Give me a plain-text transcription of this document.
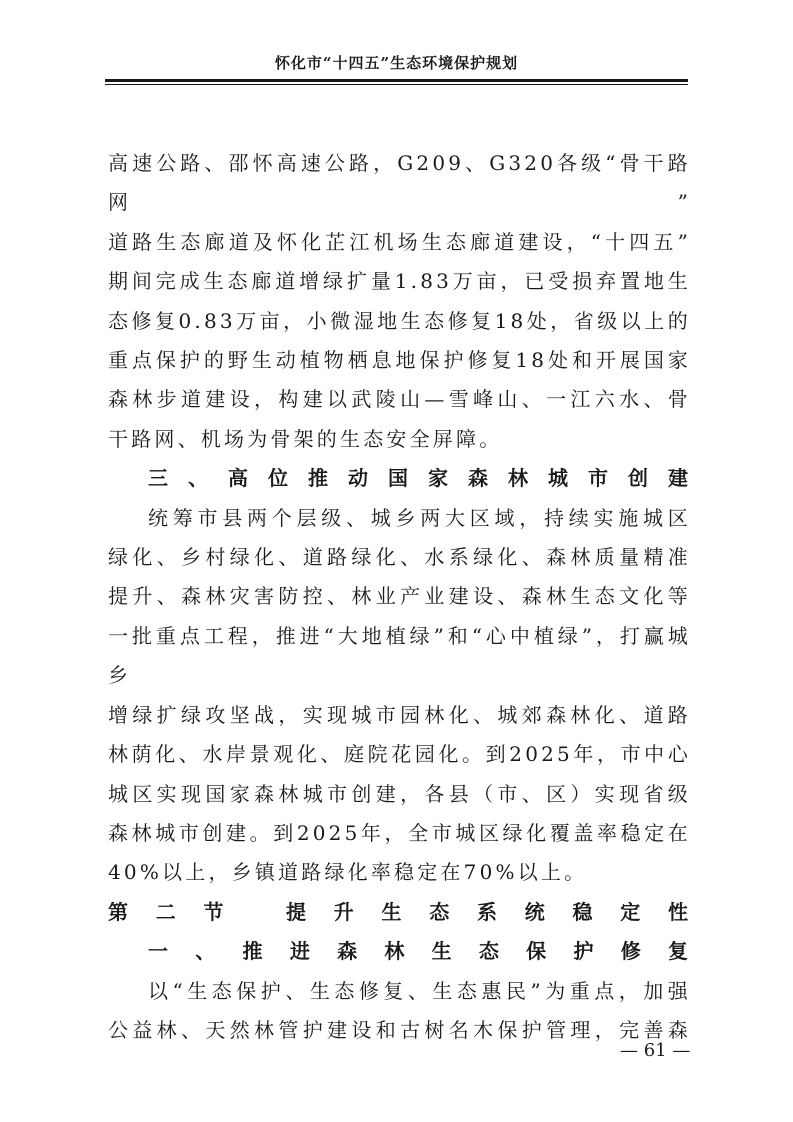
怀化市“十四五”生态环境保护规划

高速公路、邵怀高速公路，G209、G320各级“骨干路网”

道路生态廊道及怀化芷江机场生态廊道建设，“十四五”

期间完成生态廊道增绿扩量1.83万亩，已受损弃置地生

态修复0.83万亩，小微湿地生态修复18处，省级以上的

重点保护的野生动植物栖息地保护修复18处和开展国家

森林步道建设，构建以武陵山—雪峰山、一江六水、骨

干路网、机场为骨架的生态安全屏障。

三、高位推动国家森林城市创建

统筹市县两个层级、城乡两大区域，持续实施城区

绿化、乡村绿化、道路绿化、水系绿化、森林质量精准

提升、森林灾害防控、林业产业建设、森林生态文化等

一批重点工程，推进“大地植绿”和“心中植绿”，打赢城乡

增绿扩绿攻坚战，实现城市园林化、城郊森林化、道路

林荫化、水岸景观化、庭院花园化。到2025年，市中心

城区实现国家森林城市创建，各县（市、区）实现省级

森林城市创建。到2025年，全市城区绿化覆盖率稳定在

40%以上，乡镇道路绿化率稳定在70%以上。

第二节 提升生态系统稳定性

一、推进森林生态保护修复

以“生态保护、生态修复、生态惠民”为重点，加强

公益林、天然林管护建设和古树名木保护管理，完善森

— 61 —
